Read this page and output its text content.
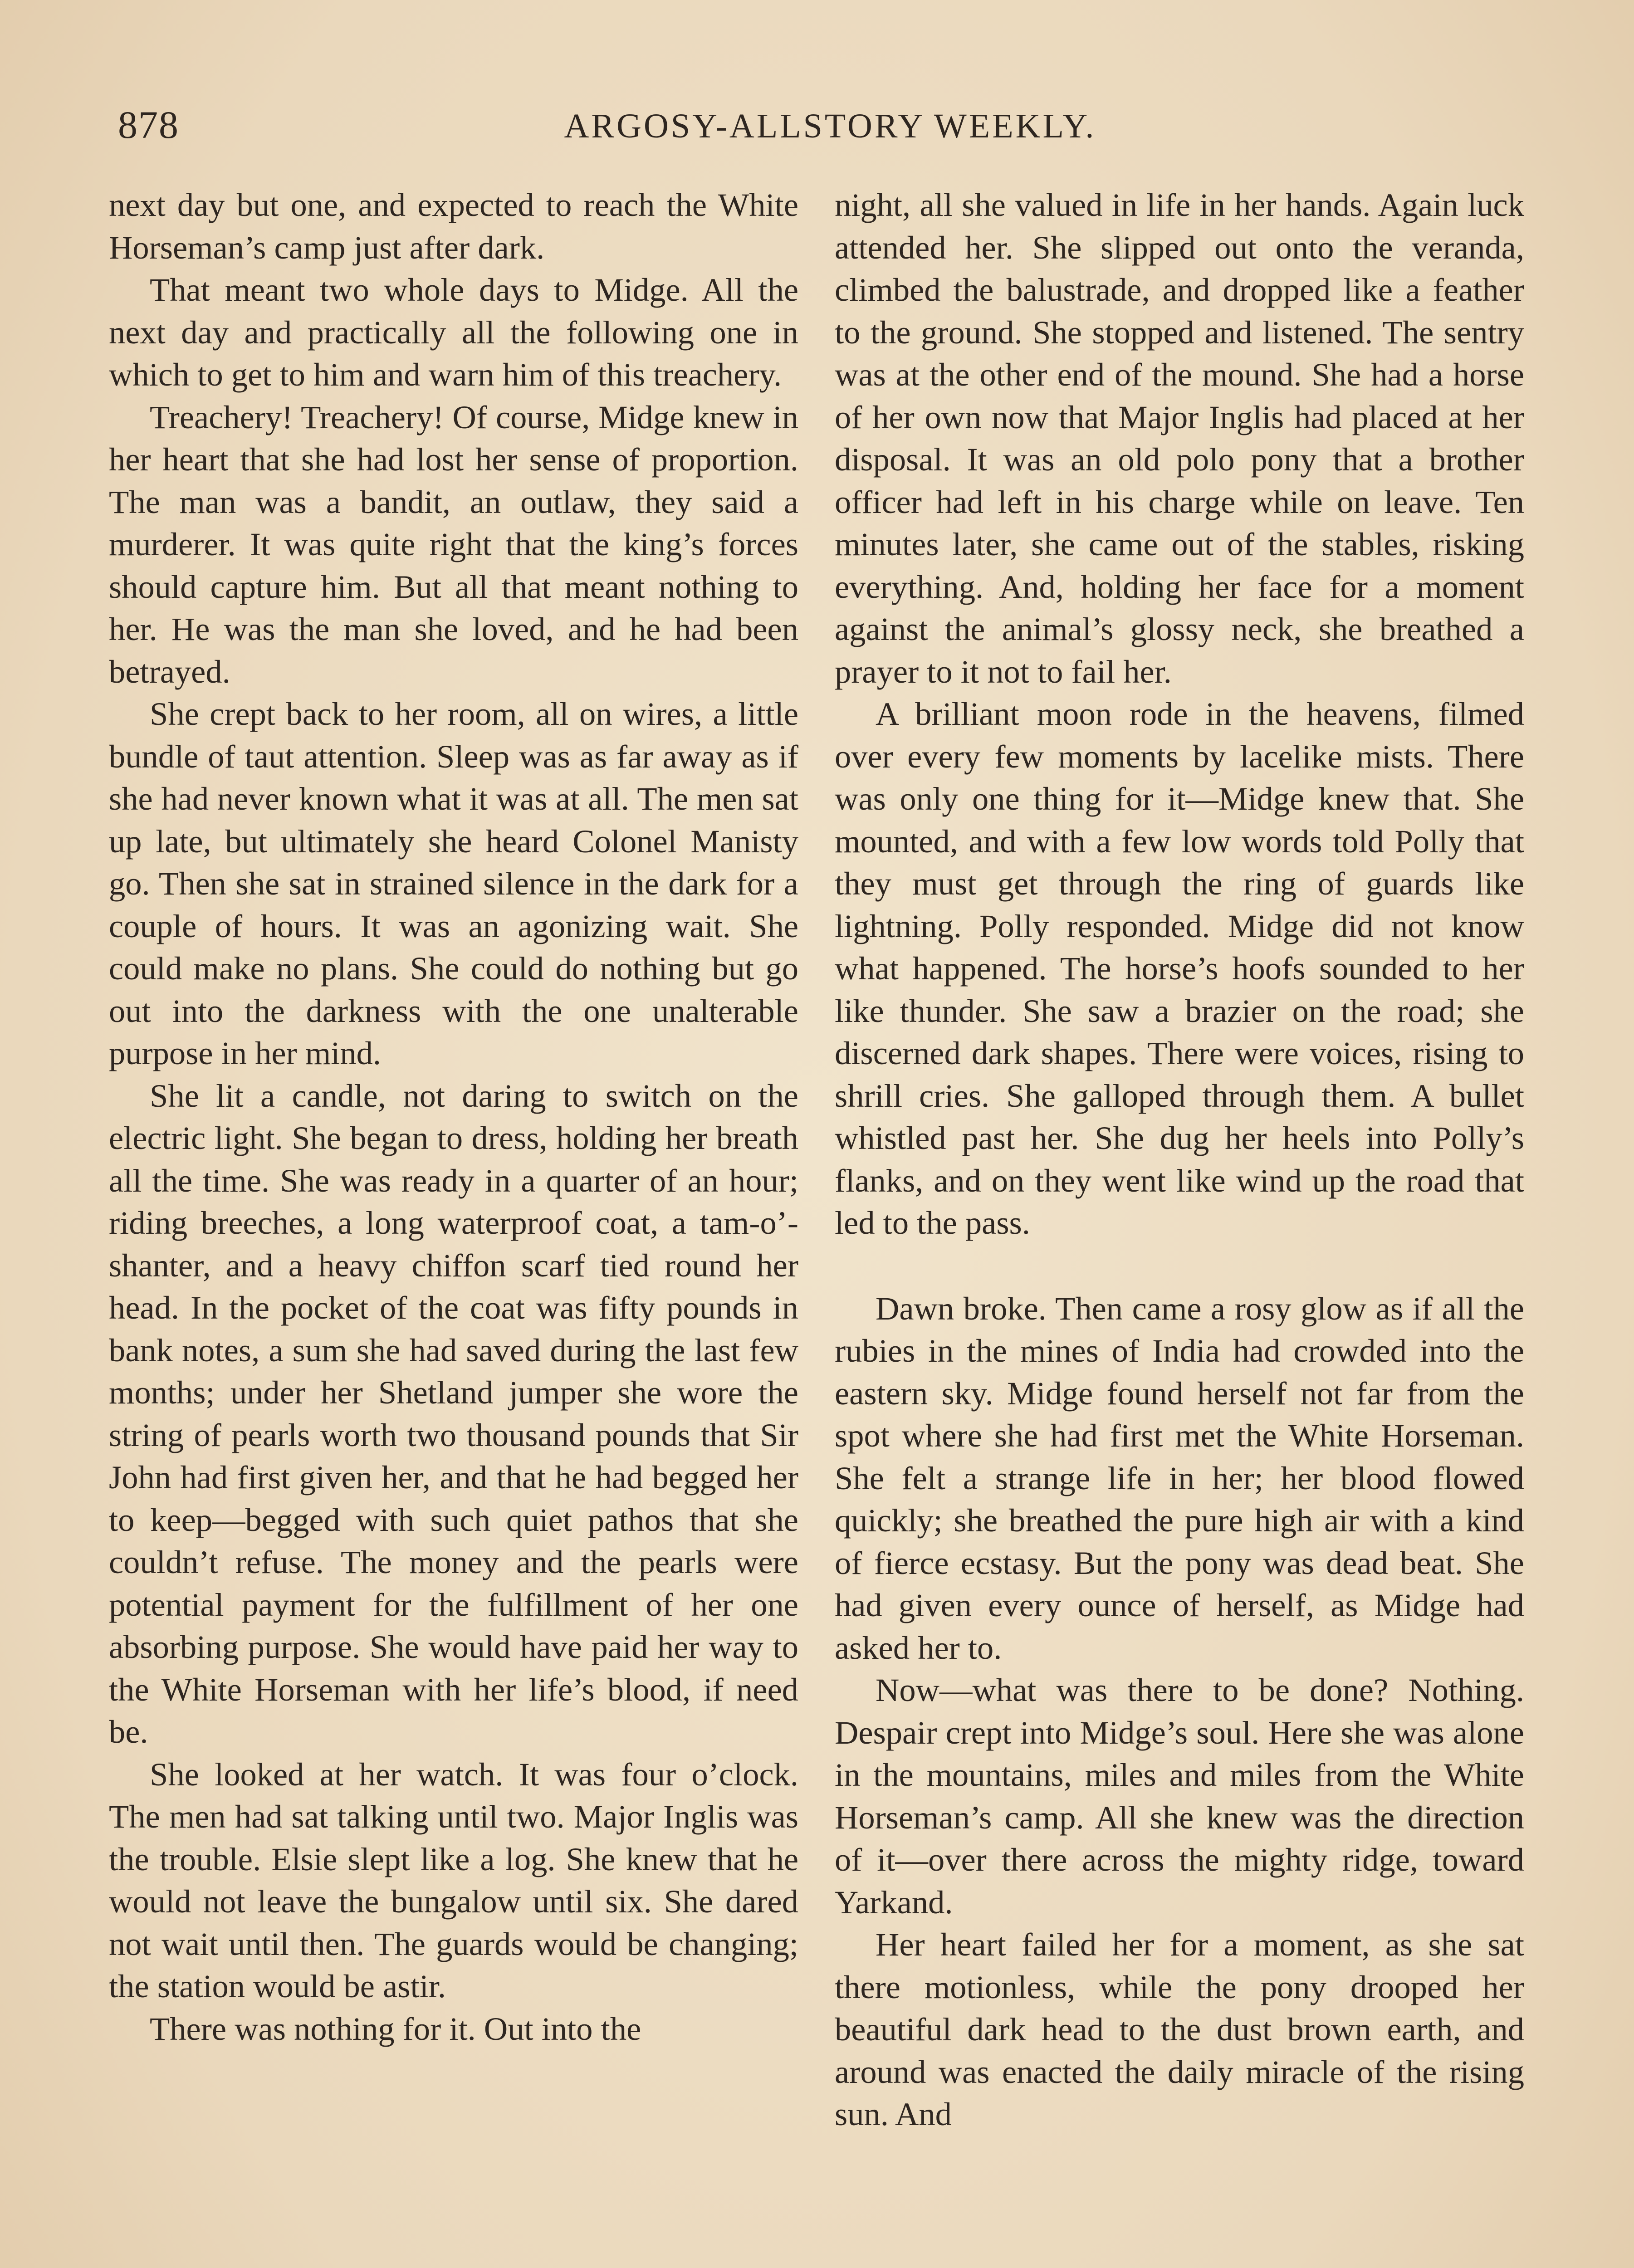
878	ARGOSY-ALLSTORY WEEKLY.

next day but one, and expected to reach the White Horseman’s camp just after dark.

That meant two whole days to Midge. All the next day and practically all the following one in which to get to him and warn him of this treachery.

Treachery! Treachery! Of course, Midge knew in her heart that she had lost her sense of proportion. The man was a bandit, an outlaw, they said a murderer. It was quite right that the king’s forces should capture him. But all that meant nothing to her. He was the man she loved, and he had been betrayed.

She crept back to her room, all on wires, a little bundle of taut attention. Sleep was as far away as if she had never known what it was at all. The men sat up late, but ultimately she heard Colonel Manisty go. Then she sat in strained silence in the dark for a couple of hours. It was an agonizing wait. She could make no plans. She could do nothing but go out into the darkness with the one unalterable purpose in her mind.

She lit a candle, not daring to switch on the electric light. She began to dress, holding her breath all the time. She was ready in a quarter of an hour; riding breeches, a long waterproof coat, a tam-o’-shanter, and a heavy chiffon scarf tied round her head. In the pocket of the coat was fifty pounds in bank notes, a sum she had saved during the last few months; under her Shetland jumper she wore the string of pearls worth two thousand pounds that Sir John had first given her, and that he had begged her to keep—begged with such quiet pathos that she couldn’t refuse. The money and the pearls were potential payment for the fulfillment of her one absorbing purpose. She would have paid her way to the White Horseman with her life’s blood, if need be.

She looked at her watch. It was four o’clock. The men had sat talking until two. Major Inglis was the trouble. Elsie slept like a log. She knew that he would not leave the bungalow until six. She dared not wait until then. The guards would be changing; the station would be astir.

There was nothing for it. Out into the

night, all she valued in life in her hands. Again luck attended her. She slipped out onto the veranda, climbed the balustrade, and dropped like a feather to the ground. She stopped and listened. The sentry was at the other end of the mound. She had a horse of her own now that Major Inglis had placed at her disposal. It was an old polo pony that a brother officer had left in his charge while on leave. Ten minutes later, she came out of the stables, risking everything. And, holding her face for a moment against the animal’s glossy neck, she breathed a prayer to it not to fail her.

A brilliant moon rode in the heavens, filmed over every few moments by lacelike mists. There was only one thing for it—Midge knew that. She mounted, and with a few low words told Polly that they must get through the ring of guards like lightning. Polly responded. Midge did not know what happened. The horse’s hoofs sounded to her like thunder. She saw a brazier on the road; she discerned dark shapes. There were voices, rising to shrill cries. She galloped through them. A bullet whistled past her. She dug her heels into Polly’s flanks, and on they went like wind up the road that led to the pass.

Dawn broke. Then came a rosy glow as if all the rubies in the mines of India had crowded into the eastern sky. Midge found herself not far from the spot where she had first met the White Horseman. She felt a strange life in her; her blood flowed quickly; she breathed the pure high air with a kind of fierce ecstasy. But the pony was dead beat. She had given every ounce of herself, as Midge had asked her to.

Now—what was there to be done? Nothing. Despair crept into Midge’s soul. Here she was alone in the mountains, miles and miles from the White Horseman’s camp. All she knew was the direction of it—over there across the mighty ridge, toward Yarkand.

Her heart failed her for a moment, as she sat there motionless, while the pony drooped her beautiful dark head to the dust brown earth, and around was enacted the daily miracle of the rising sun. And
